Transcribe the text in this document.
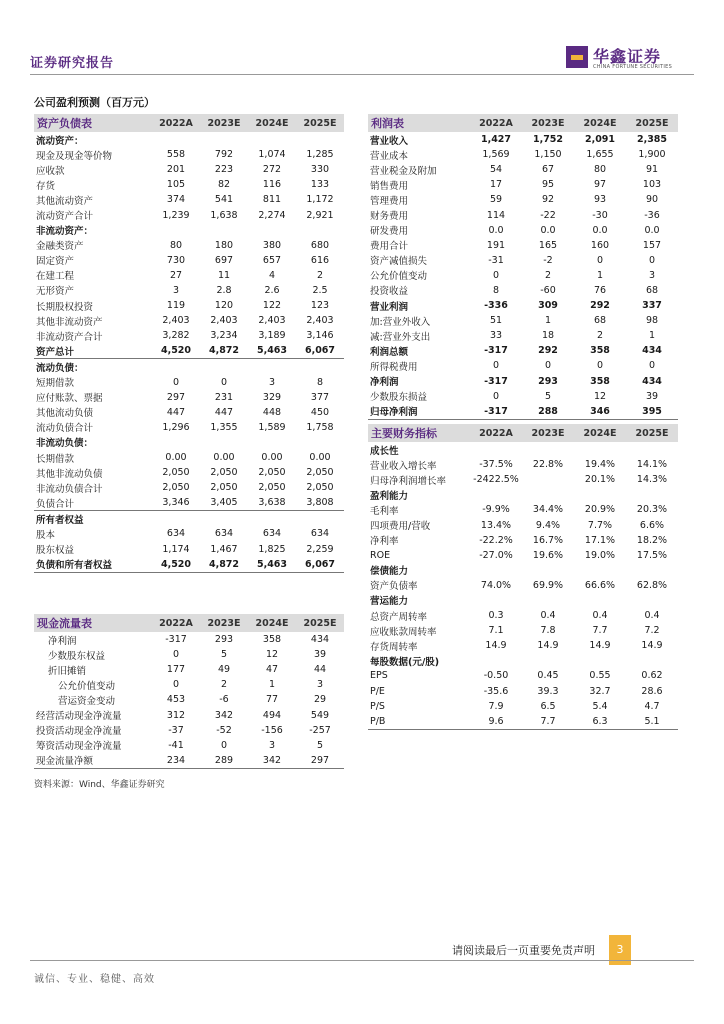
证券研究报告	华鑫证券
CHINA FORTUNE SECURITIES
公司盈利预测（百万元）
资产负债表	2022A	2023E	2024E	2025E
流动资产：				
现金及现金等价物	558	792	1,074	1,285
应收款	201	223	272	330
存货	105	82	116	133
其他流动资产	374	541	811	1,172
流动资产合计	1,239	1,638	2,274	2,921
非流动资产：				
金融类资产	80	180	380	680
固定资产	730	697	657	616
在建工程	27	11	4	2
无形资产	3	2.8	2.6	2.5
长期股权投资	119	120	122	123
其他非流动资产	2,403	2,403	2,403	2,403
非流动资产合计	3,282	3,234	3,189	3,146
资产总计	4,520	4,872	5,463	6,067
流动负债：				
短期借款	0	0	3	8
应付账款、票据	297	231	329	377
其他流动负债	447	447	448	450
流动负债合计	1,296	1,355	1,589	1,758
非流动负债：				
长期借款	0.00	0.00	0.00	0.00
其他非流动负债	2,050	2,050	2,050	2,050
非流动负债合计	2,050	2,050	2,050	2,050
负债合计	3,346	3,405	3,638	3,808
所有者权益				
股本	634	634	634	634
股东权益	1,174	1,467	1,825	2,259
负债和所有者权益	4,520	4,872	5,463	6,067
利润表	2022A	2023E	2024E	2025E
营业收入	1,427	1,752	2,091	2,385
营业成本	1,569	1,150	1,655	1,900
营业税金及附加	54	67	80	91
销售费用	17	95	97	103
管理费用	59	92	93	90
财务费用	114	-22	-30	-36
研发费用	0.0	0.0	0.0	0.0
费用合计	191	165	160	157
资产减值损失	-31	-2	0	0
公允价值变动	0	2	1	3
投资收益	8	-60	76	68
营业利润	-336	309	292	337
加:营业外收入	51	1	68	98
减:营业外支出	33	18	2	1
利润总额	-317	292	358	434
所得税费用	0	0	0	0
净利润	-317	293	358	434
少数股东损益	0	5	12	39
归母净利润	-317	288	346	395
主要财务指标	2022A	2023E	2024E	2025E
成长性				
营业收入增长率	-37.5%	22.8%	19.4%	14.1%
归母净利润增长率	-2422.5%		20.1%	14.3%
盈利能力				
毛利率	-9.9%	34.4%	20.9%	20.3%
四项费用/营收	13.4%	9.4%	7.7%	6.6%
净利率	-22.2%	16.7%	17.1%	18.2%
ROE	-27.0%	19.6%	19.0%	17.5%
偿债能力				
资产负债率	74.0%	69.9%	66.6%	62.8%
营运能力				
总资产周转率	0.3	0.4	0.4	0.4
应收账款周转率	7.1	7.8	7.7	7.2
存货周转率	14.9	14.9	14.9	14.9
每股数据(元/股)				
EPS	-0.50	0.45	0.55	0.62
P/E	-35.6	39.3	32.7	28.6
P/S	7.9	6.5	5.4	4.7
P/B	9.6	7.7	6.3	5.1
现金流量表	2022A	2023E	2024E	2025E
净利润	-317	293	358	434
少数股东权益	0	5	12	39
折旧摊销	177	49	47	44
公允价值变动	0	2	1	3
营运资金变动	453	-6	77	29
经营活动现金净流量	312	342	494	549
投资活动现金净流量	-37	-52	-156	-257
筹资活动现金净流量	-41	0	3	5
现金流量净额	234	289	342	297
资料来源：Wind、华鑫证券研究
请阅读最后一页重要免责声明	3
诚信、专业、稳健、高效
